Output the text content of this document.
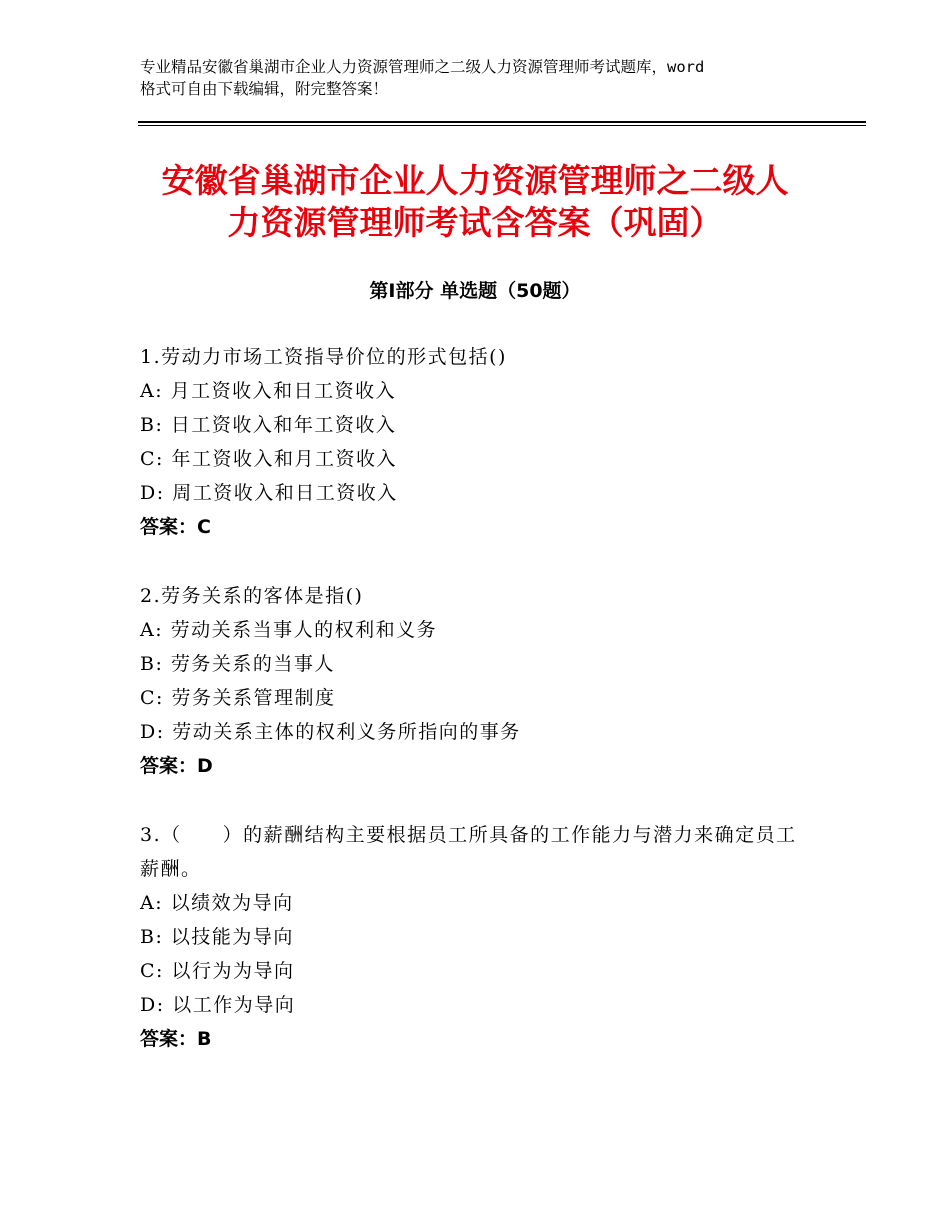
专业精品安徽省巢湖市企业人力资源管理师之二级人力资源管理师考试题库，word
格式可自由下载编辑，附完整答案！
安徽省巢湖市企业人力资源管理师之二级人
力资源管理师考试含答案（巩固）
第Ⅰ部分 单选题（50题）
1.劳动力市场工资指导价位的形式包括()
A: 月工资收入和日工资收入
B: 日工资收入和年工资收入
C: 年工资收入和月工资收入
D: 周工资收入和日工资收入
答案：C
2.劳务关系的客体是指()
A: 劳动关系当事人的权利和义务
B: 劳务关系的当事人
C: 劳务关系管理制度
D: 劳动关系主体的权利义务所指向的事务
答案：D
3.（　　）的薪酬结构主要根据员工所具备的工作能力与潜力来确定员工薪酬。
A: 以绩效为导向
B: 以技能为导向
C: 以行为为导向
D: 以工作为导向
答案：B
